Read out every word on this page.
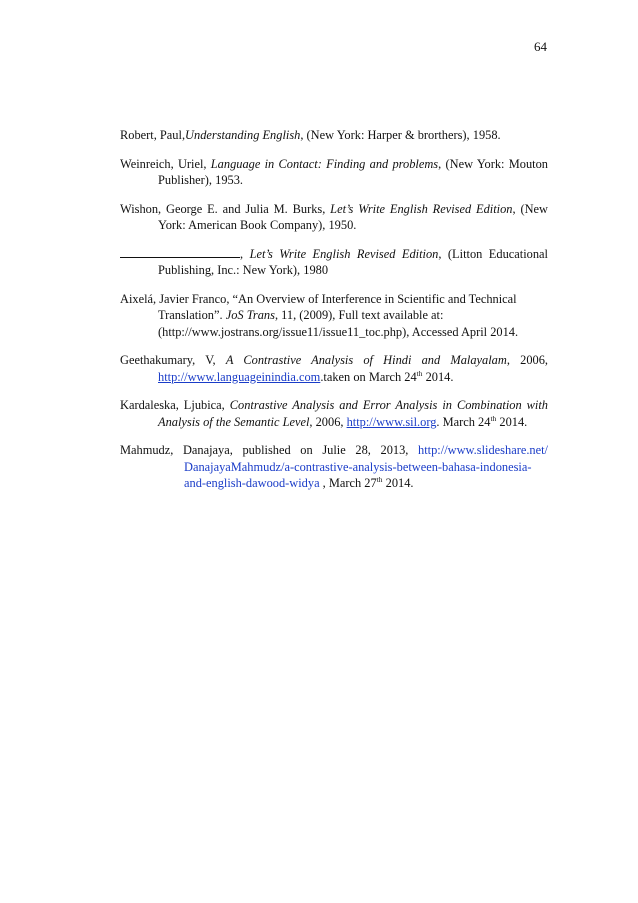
64

Robert, Paul,Understanding English, (New York: Harper & brorthers), 1958.

Weinreich, Uriel, Language in Contact: Finding and problems, (New York: Mouton Publisher), 1953.

Wishon, George E. and Julia M. Burks, Let’s Write English Revised Edition, (New York: American Book Company), 1950.

, Let’s Write English Revised Edition, (Litton Educational Publishing, Inc.: New York), 1980

Aixelá, Javier Franco, “An Overview of Interference in Scientific and Technical Translation”. JoS Trans, 11, (2009), Full text available at: (http://www.jostrans.org/issue11/issue11_toc.php), Accessed April 2014.

Geethakumary, V, A Contrastive Analysis of Hindi and Malayalam, 2006, http://www.languageinindia.com.taken on March 24th 2014.

Kardaleska, Ljubica, Contrastive Analysis and Error Analysis in Combination with Analysis of the Semantic Level, 2006, http://www.sil.org. March 24th 2014.

Mahmudz, Danajaya, published on Julie 28, 2013, http://www.slideshare.net/ DanajayaMahmudz/a-contrastive-analysis-between-bahasa-indonesia-and-english-dawood-widya , March 27th 2014.
